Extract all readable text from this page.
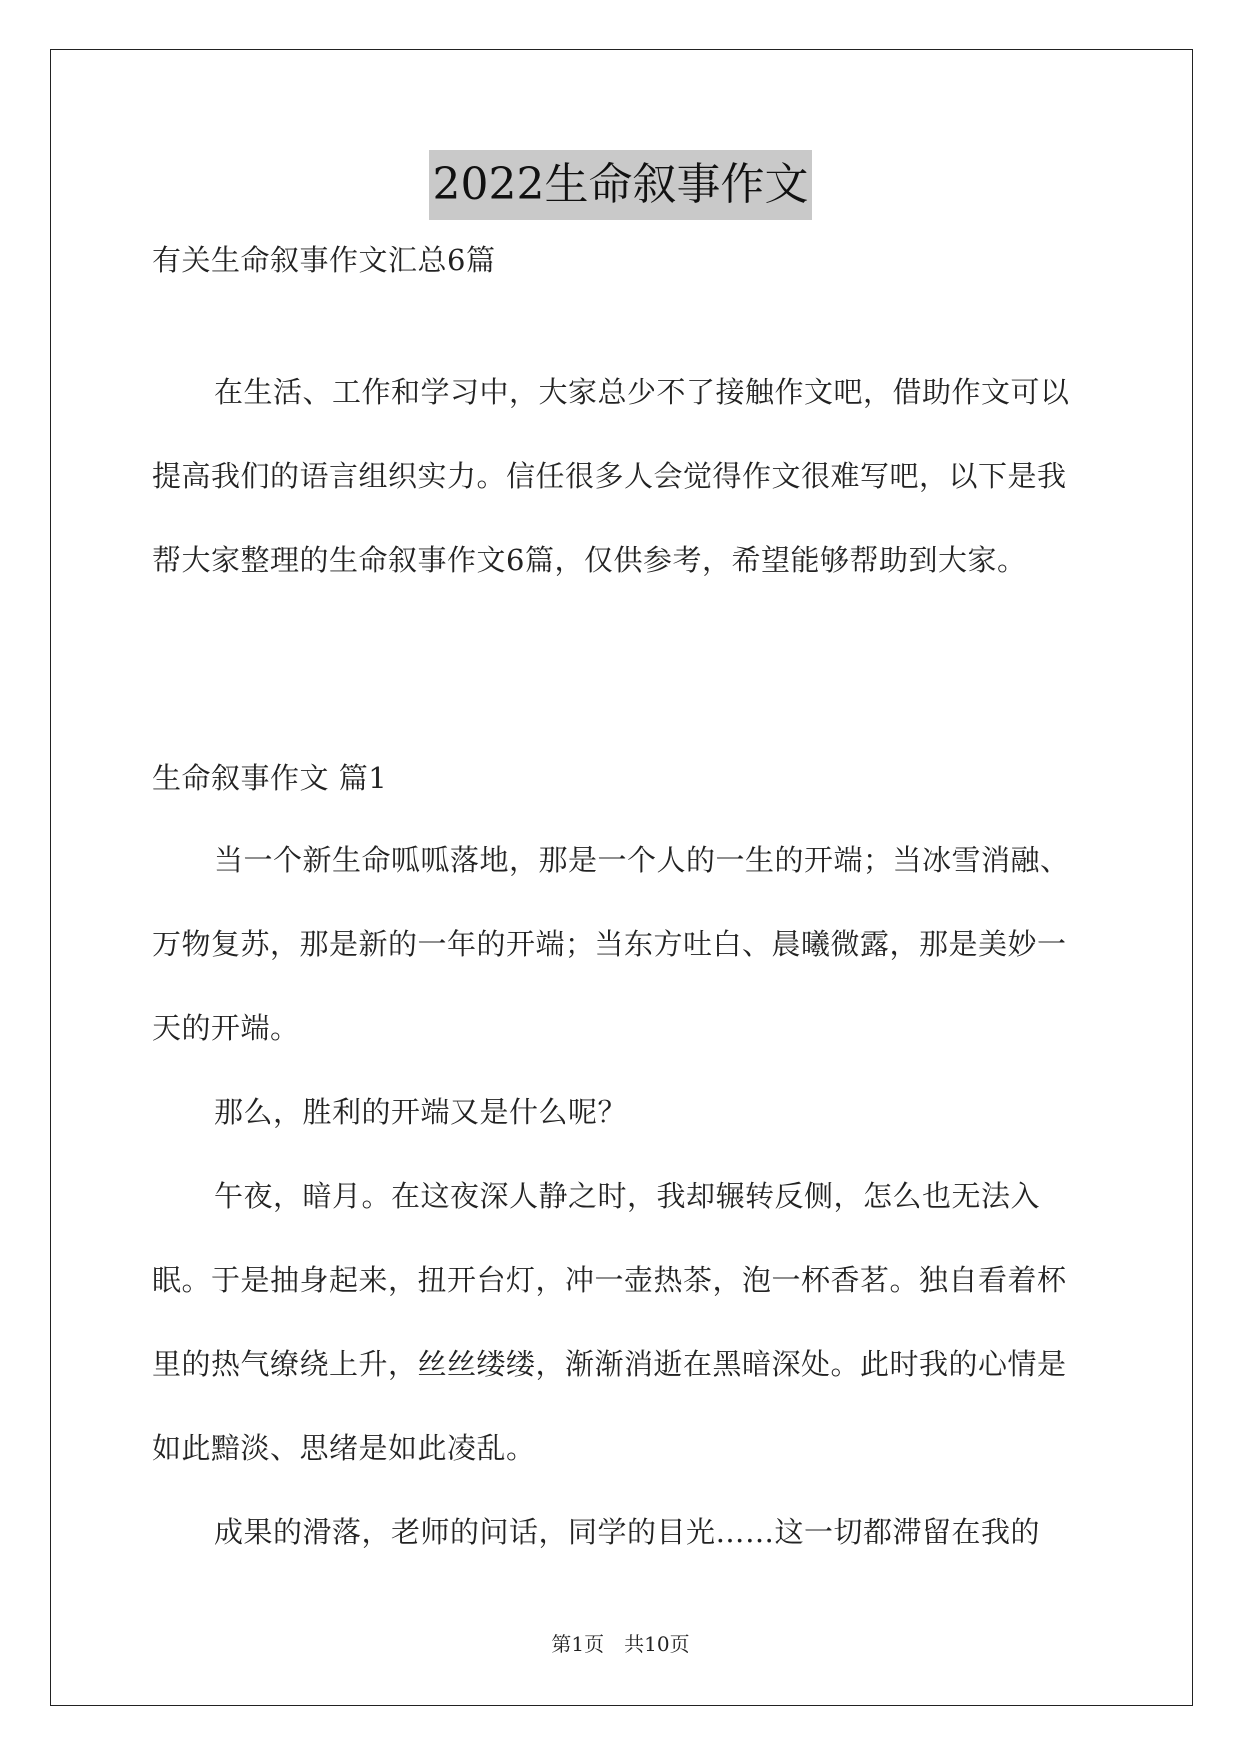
2022生命叙事作文
有关生命叙事作文汇总6篇
在生活、工作和学习中，大家总少不了接触作文吧，借助作文可以提高我们的语言组织实力。信任很多人会觉得作文很难写吧，以下是我帮大家整理的生命叙事作文6篇，仅供参考，希望能够帮助到大家。
生命叙事作文 篇1

当一个新生命呱呱落地，那是一个人的一生的开端；当冰雪消融、万物复苏，那是新的一年的开端；当东方吐白、晨曦微露，那是美妙一天的开端。

那么，胜利的开端又是什么呢？

午夜，暗月。在这夜深人静之时，我却辗转反侧，怎么也无法入眠。于是抽身起来，扭开台灯，冲一壶热茶，泡一杯香茗。独自看着杯里的热气缭绕上升，丝丝缕缕，渐渐消逝在黑暗深处。此时我的心情是如此黯淡、思绪是如此凌乱。

成果的滑落，老师的问话，同学的目光……这一切都滞留在我的

第1页　共10页
